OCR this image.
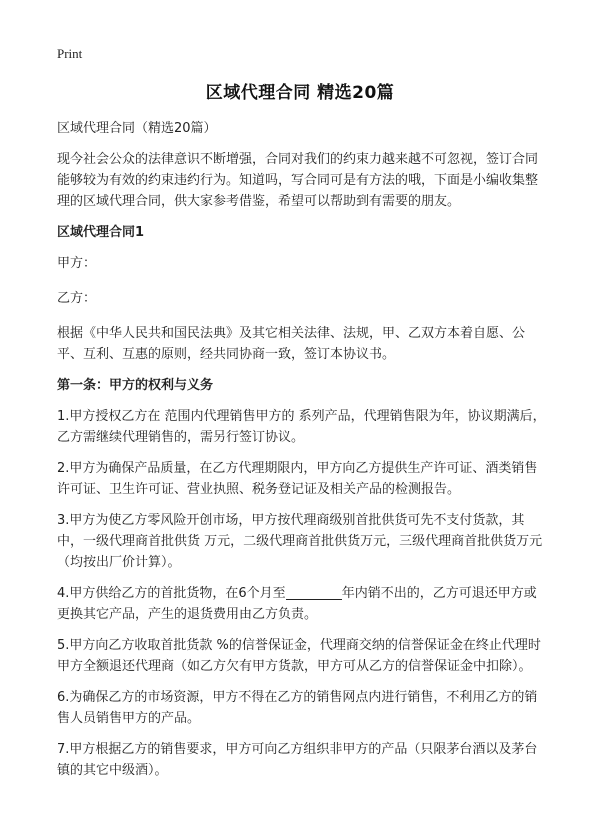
Print
区域代理合同 精选20篇

区域代理合同（精选20篇）

现今社会公众的法律意识不断增强，合同对我们的约束力越来越不可忽视，签订合同能够较为有效的约束违约行为。知道吗，写合同可是有方法的哦，下面是小编收集整理的区域代理合同，供大家参考借鉴，希望可以帮助到有需要的朋友。

区域代理合同1

甲方：

乙方：

根据《中华人民共和国民法典》及其它相关法律、法规，甲、乙双方本着自愿、公平、互利、互惠的原则，经共同协商一致，签订本协议书。

第一条：甲方的权利与义务

1.甲方授权乙方在 范围内代理销售甲方的 系列产品，代理销售限为年，协议期满后，乙方需继续代理销售的，需另行签订协议。

2.甲方为确保产品质量，在乙方代理期限内，甲方向乙方提供生产许可证、酒类销售许可证、卫生许可证、营业执照、税务登记证及相关产品的检测报告。

3.甲方为使乙方零风险开创市场，甲方按代理商级别首批供货可先不支付货款，其中，一级代理商首批供货 万元，二级代理商首批供货万元，三级代理商首批供货万元（均按出厂价计算）。

4.甲方供给乙方的首批货物，在6个月至	年内销不出的，乙方可退还甲方或更换其它产品，产生的退货费用由乙方负责。

5.甲方向乙方收取首批货款 %的信誉保证金，代理商交纳的信誉保证金在终止代理时甲方全额退还代理商（如乙方欠有甲方货款，甲方可从乙方的信誉保证金中扣除）。

6.为确保乙方的市场资源，甲方不得在乙方的销售网点内进行销售，不利用乙方的销售人员销售甲方的产品。

7.甲方根据乙方的销售要求，甲方可向乙方组织非甲方的产品（只限茅台酒以及茅台镇的其它中级酒）。
